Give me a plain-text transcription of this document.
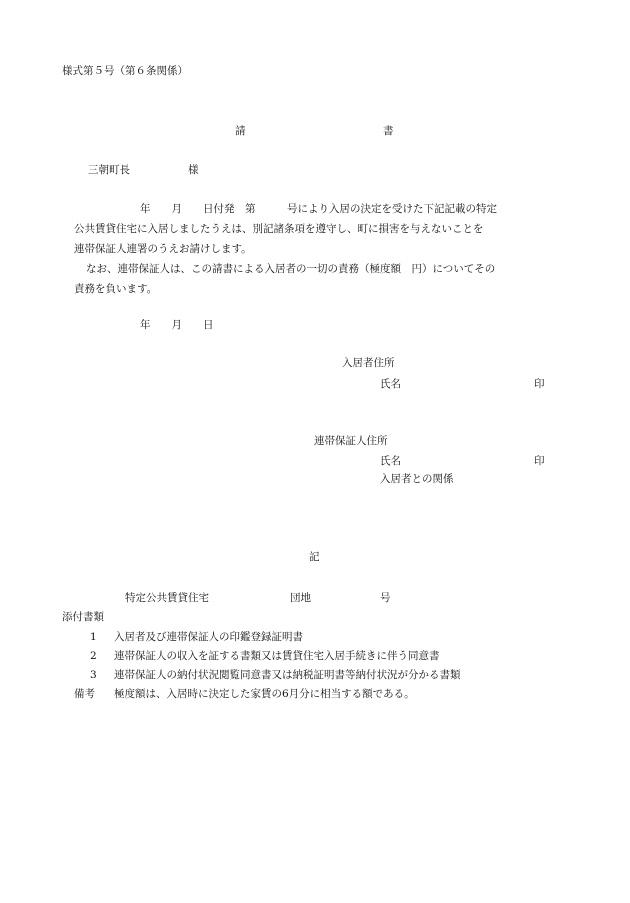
様式第５号（第６条関係）
請	書
三朝町長	様
年　　月　　日付発　第　　　号により入居の決定を受けた下記記載の特定
公共賃貸住宅に入居しましたうえは、別記諸条項を遵守し、町に損害を与えないことを
連帯保証人連署のうえお請けします。
なお、連帯保証人は、この請書による入居者の一切の責務（極度額　円）についてその
責務を負います。
年　　月　　日
入居者住所
氏名	印
連帯保証人住所
氏名	印
入居者との関係
記
特定公共賃貸住宅	団地	号
添付書類
1 入居者及び連帯保証人の印鑑登録証明書
2 連帯保証人の収入を証する書類又は賃貸住宅入居手続きに伴う同意書
3 連帯保証人の納付状況閲覧同意書又は納税証明書等納付状況が分かる書類
備考 極度額は、入居時に決定した家賃の6月分に相当する額である。
